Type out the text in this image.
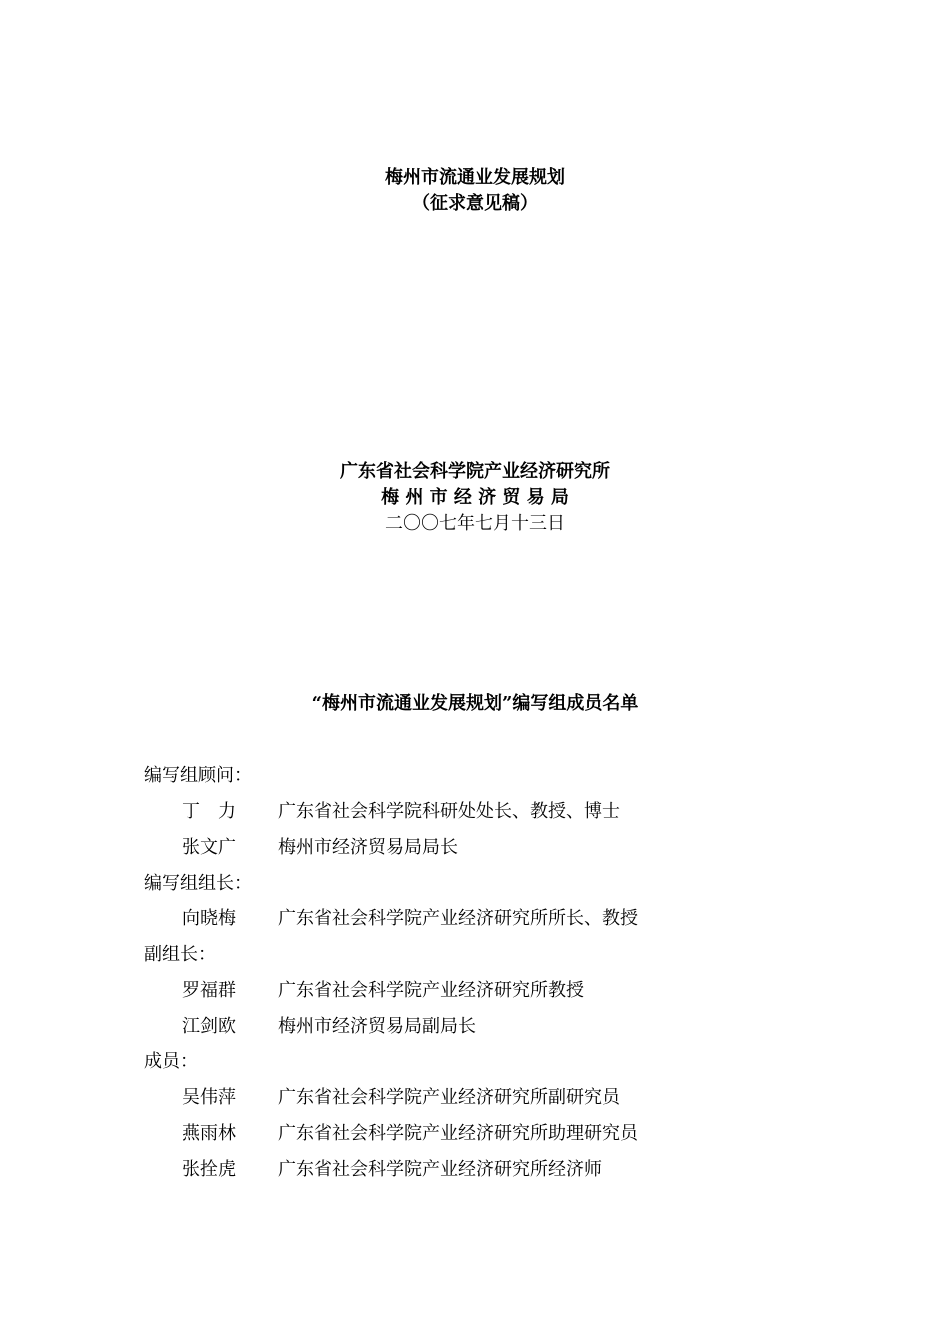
梅州市流通业发展规划
（征求意见稿）
广东省社会科学院产业经济研究所
梅 州 市 经 济 贸 易 局
二〇〇七年七月十三日
“梅州市流通业发展规划”编写组成员名单
编写组顾问：
丁　力 广东省社会科学院科研处处长、教授、博士
张文广 梅州市经济贸易局局长
编写组组长：
向晓梅 广东省社会科学院产业经济研究所所长、教授
副组长：
罗福群 广东省社会科学院产业经济研究所教授
江剑欧 梅州市经济贸易局副局长
成员：
吴伟萍 广东省社会科学院产业经济研究所副研究员
燕雨林 广东省社会科学院产业经济研究所助理研究员
张拴虎 广东省社会科学院产业经济研究所经济师
